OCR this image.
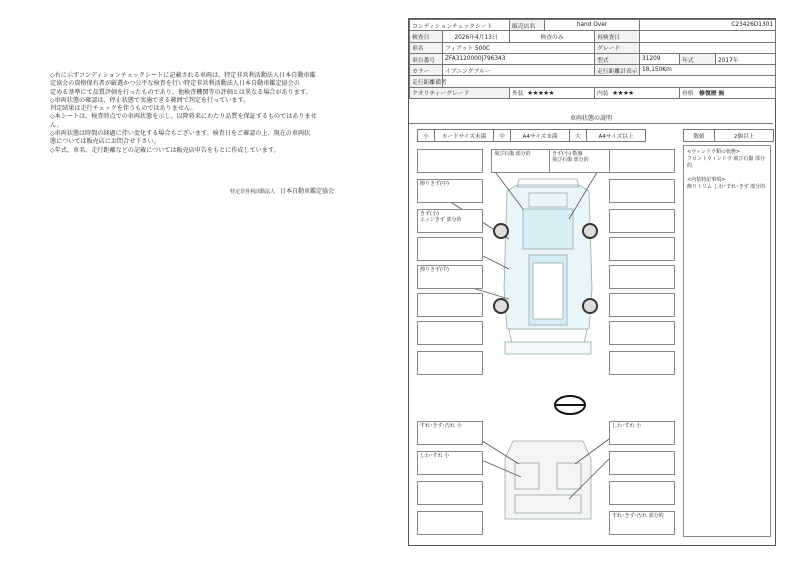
◇右に示すコンディションチェックシートに記載される車両は、特定非営利活動法人日本自動車鑑
定協会の資格保有者が厳選かつ公平な検査を行い特定非営利活動法人日本自動車鑑定協会の
定める基準にて品質評価を行ったものであり、他検査機関等の評価とは異なる場合があります。
◇車両状態の確認は、停止状態で実施できる範囲で判定を行っています。
判定結果は走行チェックを伴うものではありません。
◇本シートは、検査時点での車両状態を示し、以降将来にわたり品質を保証するものではありませ
ん。
◇車両状態は時間の経過に伴い変化する場合もございます。検査日をご確認の上、現在の車両状
態については販売店にお問合せ下さい。
◇年式、車名、走行距離などの記載については販売店申告をもとに作成しています。
特定非営利活動法人 日本自動車鑑定協会
コンディションチェックシート		販売店名	hand Over		C23426D1301		
検査日	2026年4月13日	検査のみ		再検査日			
車名	フィアット 500C			グレード			
車台番号	ZFA3120000J796343			型式	31209	年式	2017年
カラー	イブニングブルー			走行距離計表示	18,150Km		
走行距離備考							
クオリティーグレード		外装 ★★★★★		内装 ★★★★		骨格 修復歴 無	
車両状態の説明
小	カードサイズ未満	中	A4サイズ未満	大	A4サイズ以上	数値	2個以上
飛び石傷 部分的	きず(小) 数個
飛び石傷 部分的
擦りきず(中)
きず(小)
エッジきず 部分的
擦りきず(中)
すれ･きず･汚れ 小
しわ･すれ 小
しわ･すれ 小
すれ･きず･汚れ 部分的
<ウィンドウ類の状態>
フロントウィンドウ 飛び石傷 部分的
<内装特記事項>
飾りトリム しわ･すれ･きず 部分的
